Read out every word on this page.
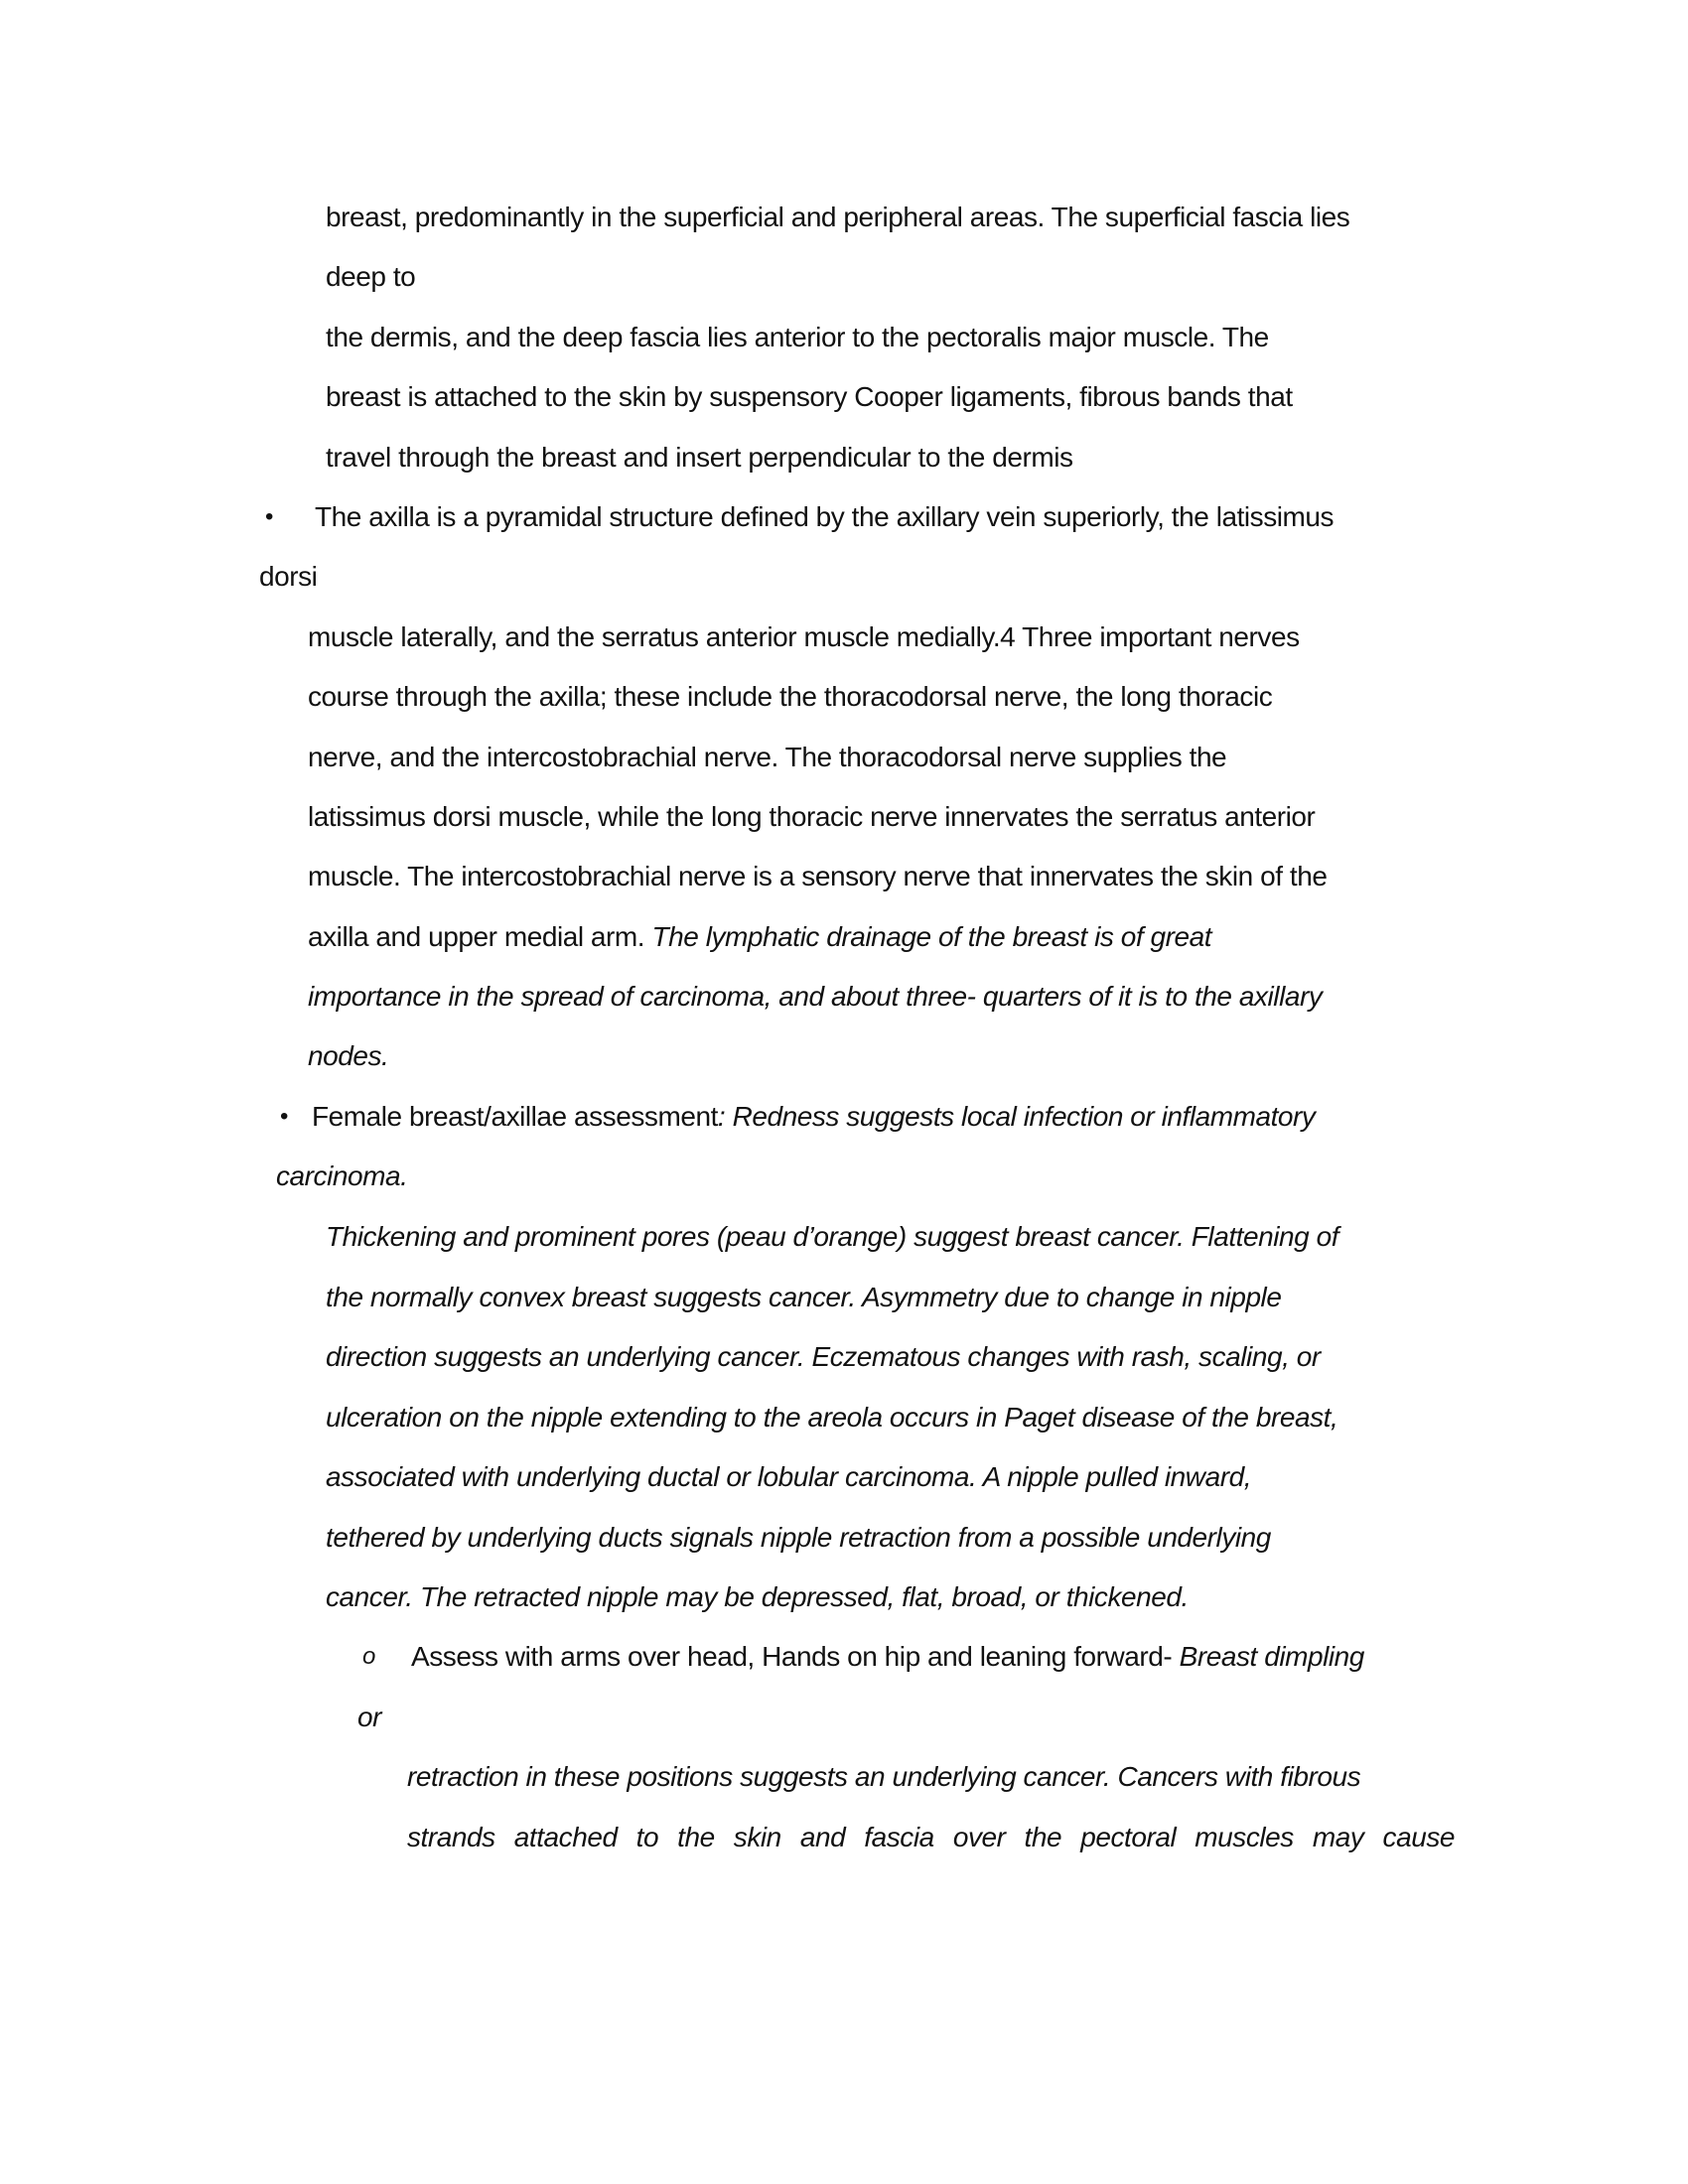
breast, predominantly in the superficial and peripheral areas. The superficial fascia lies
deep to
the dermis, and the deep fascia lies anterior to the pectoralis major muscle. The
breast is attached to the skin by suspensory Cooper ligaments, fibrous bands that
travel through the breast and insert perpendicular to the dermis
• The axilla is a pyramidal structure defined by the axillary vein superiorly, the latissimus
dorsi
muscle laterally, and the serratus anterior muscle medially.4 Three important nerves
course through the axilla; these include the thoracodorsal nerve, the long thoracic
nerve, and the intercostobrachial nerve. The thoracodorsal nerve supplies the
latissimus dorsi muscle, while the long thoracic nerve innervates the serratus anterior
muscle. The intercostobrachial nerve is a sensory nerve that innervates the skin of the
axilla and upper medial arm. The lymphatic drainage of the breast is of great
importance in the spread of carcinoma, and about three- quarters of it is to the axillary
nodes.
• Female breast/axillae assessment: Redness suggests local infection or inflammatory
carcinoma.
Thickening and prominent pores (peau d’orange) suggest breast cancer. Flattening of
the normally convex breast suggests cancer. Asymmetry due to change in nipple
direction suggests an underlying cancer. Eczematous changes with rash, scaling, or
ulceration on the nipple extending to the areola occurs in Paget disease of the breast,
associated with underlying ductal or lobular carcinoma. A nipple pulled inward,
tethered by underlying ducts signals nipple retraction from a possible underlying
cancer. The retracted nipple may be depressed, flat, broad, or thickened.
o Assess with arms over head, Hands on hip and leaning forward- Breast dimpling
or
retraction in these positions suggests an underlying cancer. Cancers with fibrous
strands attached to the skin and fascia over the pectoral muscles may cause
